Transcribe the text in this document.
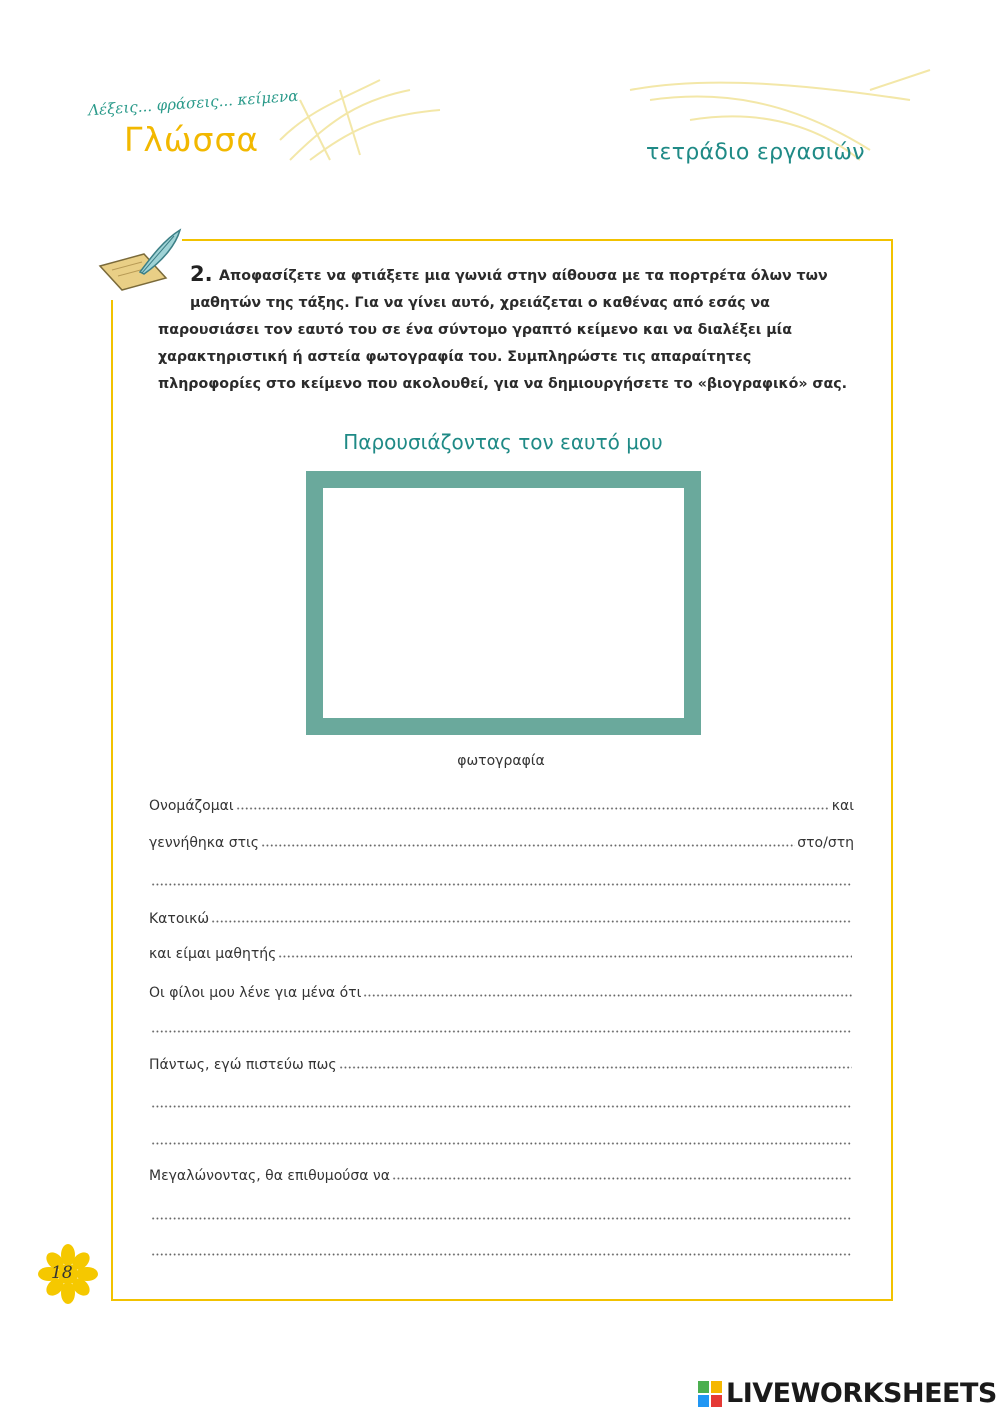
Λέξεις... φράσεις... κείμενα
Γλώσσα	τετράδιο εργασιών
2. Αποφασίζετε να φτιάξετε μια γωνιά στην αίθουσα με τα πορτρέτα όλων των
μαθητών της τάξης. Για να γίνει αυτό, χρειάζεται ο καθένας από εσάς να
παρουσιάσει τον εαυτό του σε ένα σύντομο γραπτό κείμενο και να διαλέξει μία
χαρακτηριστική ή αστεία φωτογραφία του. Συμπληρώστε τις απαραίτητες
πληροφορίες στο κείμενο που ακολουθεί, για να δημιουργήσετε το «βιογραφικό» σας.
Παρουσιάζοντας τον εαυτό μου
φωτογραφία
Ονομάζομαι	και
γεννήθηκα στις	στο/στη
Κατοικώ
και είμαι μαθητής
Οι φίλοι μου λένε για μένα ότι
Πάντως, εγώ πιστεύω πως
Μεγαλώνοντας, θα επιθυμούσα να
18
LIVEWORKSHEETS
